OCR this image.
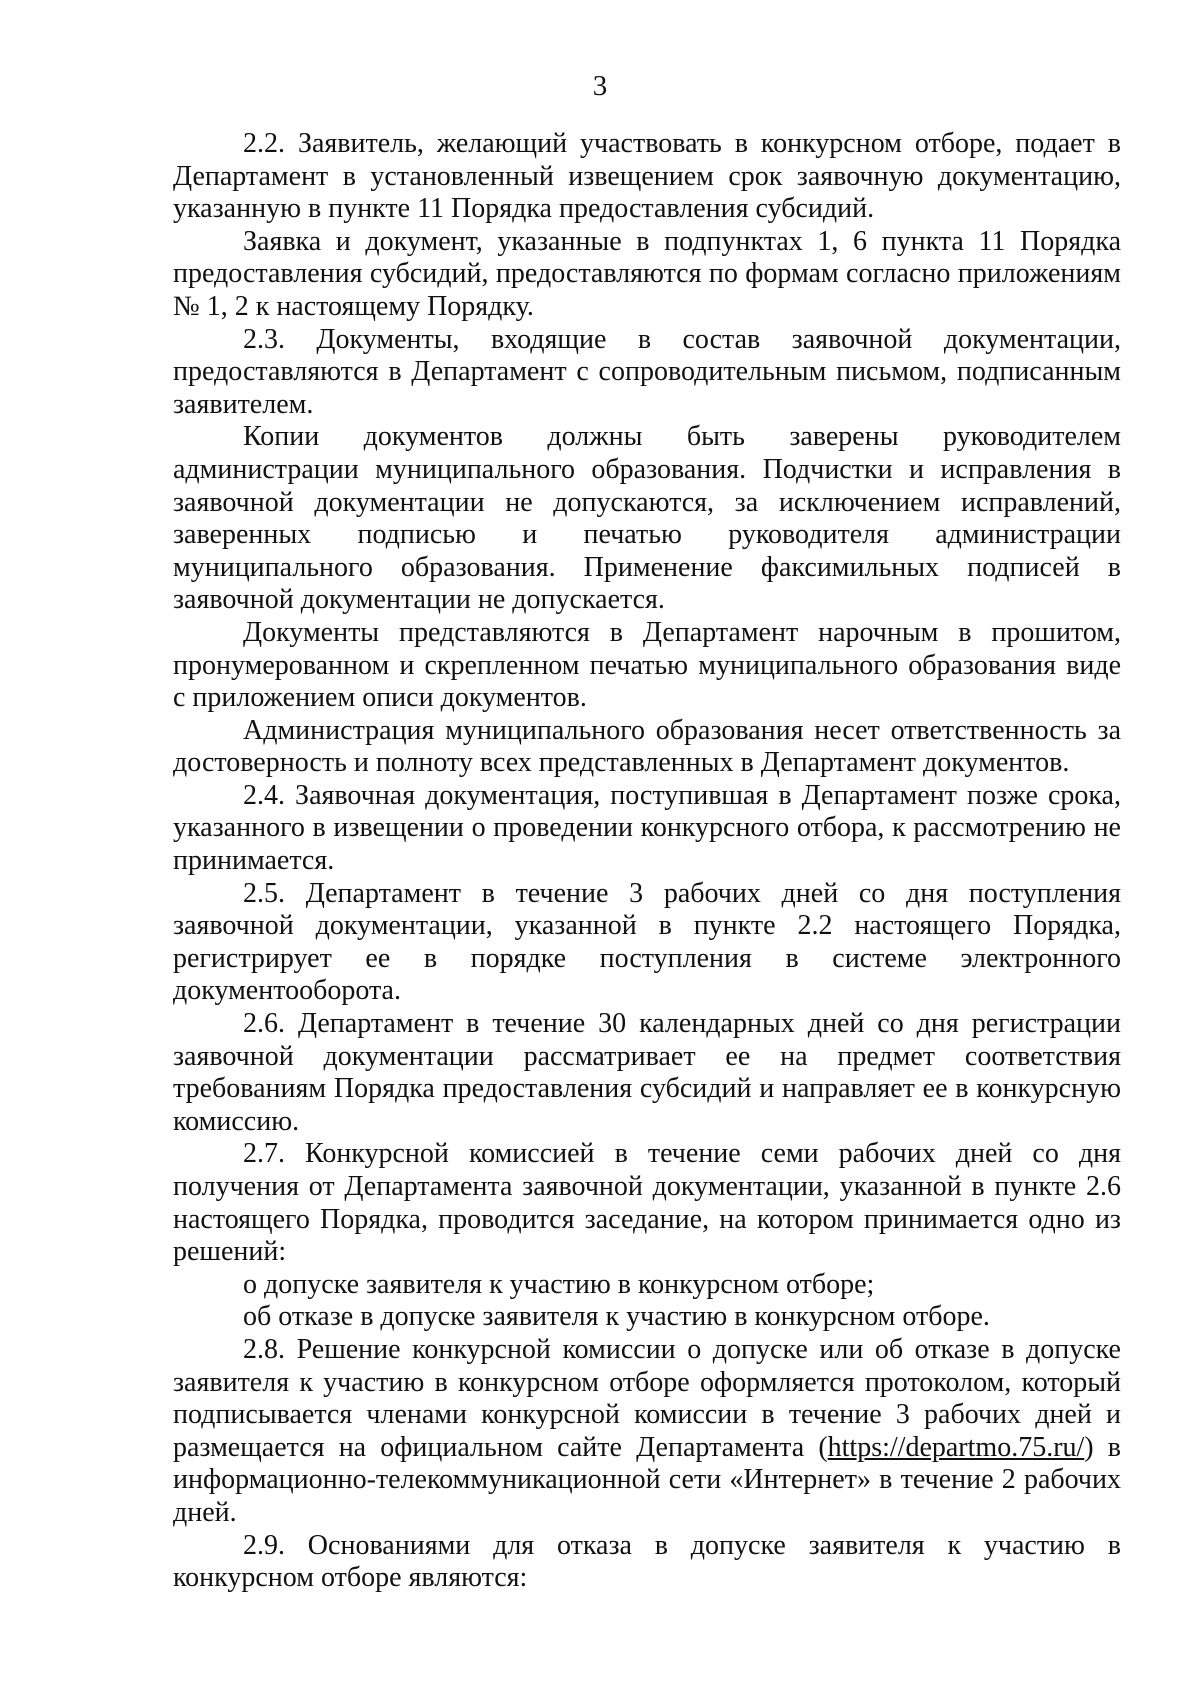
3

2.2. Заявитель, желающий участвовать в конкурсном отборе, подает в Департамент в установленный извещением срок заявочную документацию, указанную в пункте 11 Порядка предоставления субсидий.

Заявка и документ, указанные в подпунктах 1, 6 пункта 11 Порядка предоставления субсидий, предоставляются по формам согласно приложениям № 1, 2 к настоящему Порядку.

2.3. Документы, входящие в состав заявочной документации, предоставляются в Департамент с сопроводительным письмом, подписанным заявителем.

Копии документов должны быть заверены руководителем администрации муниципального образования. Подчистки и исправления в заявочной документации не допускаются, за исключением исправлений, заверенных подписью и печатью руководителя администрации муниципального образования. Применение факсимильных подписей в заявочной документации не допускается.

Документы представляются в Департамент нарочным в прошитом, пронумерованном и скрепленном печатью муниципального образования виде с приложением описи документов.

Администрация муниципального образования несет ответственность за достоверность и полноту всех представленных в Департамент документов.

2.4. Заявочная документация, поступившая в Департамент позже срока, указанного в извещении о проведении конкурсного отбора, к рассмотрению не принимается.

2.5. Департамент в течение 3 рабочих дней со дня поступления заявочной документации, указанной в пункте 2.2 настоящего Порядка, регистрирует ее в порядке поступления в системе электронного документооборота.

2.6. Департамент в течение 30 календарных дней со дня регистрации заявочной документации рассматривает ее на предмет соответствия требованиям Порядка предоставления субсидий и направляет ее в конкурсную комиссию.

2.7. Конкурсной комиссией в течение семи рабочих дней со дня получения от Департамента заявочной документации, указанной в пункте 2.6 настоящего Порядка, проводится заседание, на котором принимается одно из решений:

о допуске заявителя к участию в конкурсном отборе;

об отказе в допуске заявителя к участию в конкурсном отборе.

2.8. Решение конкурсной комиссии о допуске или об отказе в допуске заявителя к участию в конкурсном отборе оформляется протоколом, который подписывается членами конкурсной комиссии в течение 3 рабочих дней и размещается на официальном сайте Департамента (https://departmo.75.ru/) в информационно-телекоммуникационной сети «Интернет» в течение 2 рабочих дней.

2.9. Основаниями для отказа в допуске заявителя к участию в конкурсном отборе являются:
